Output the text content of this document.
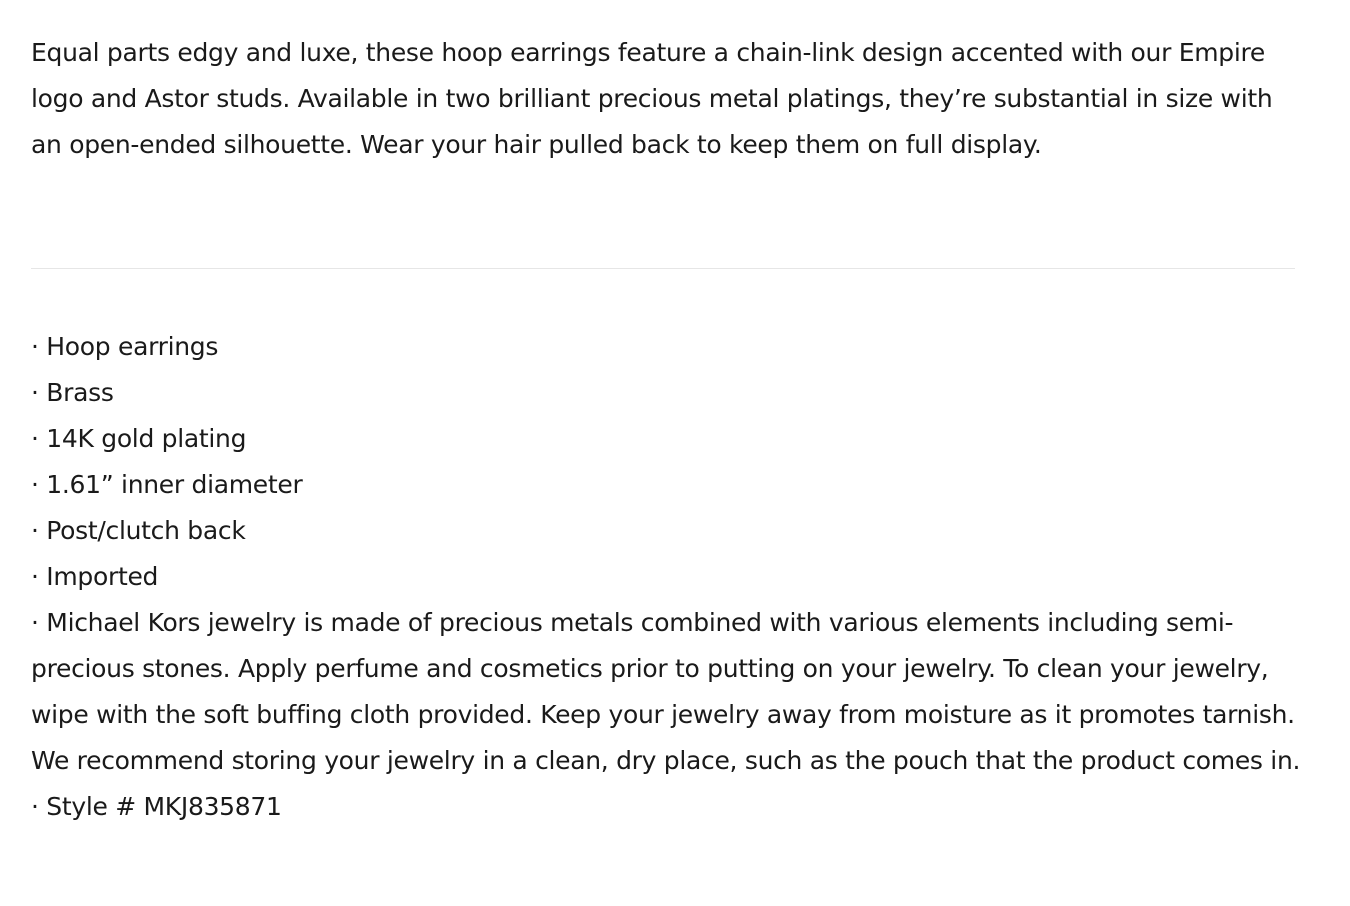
Equal parts edgy and luxe, these hoop earrings feature a chain-link design accented with our Empire logo and Astor studs. Available in two brilliant precious metal platings, they’re substantial in size with an open-ended silhouette. Wear your hair pulled back to keep them on full display.

· Hoop earrings
· Brass
· 14K gold plating
· 1.61” inner diameter
· Post/clutch back
· Imported
· Michael Kors jewelry is made of precious metals combined with various elements including semi-precious stones. Apply perfume and cosmetics prior to putting on your jewelry. To clean your jewelry, wipe with the soft buffing cloth provided. Keep your jewelry away from moisture as it promotes tarnish. We recommend storing your jewelry in a clean, dry place, such as the pouch that the product comes in.
· Style # MKJ835871
